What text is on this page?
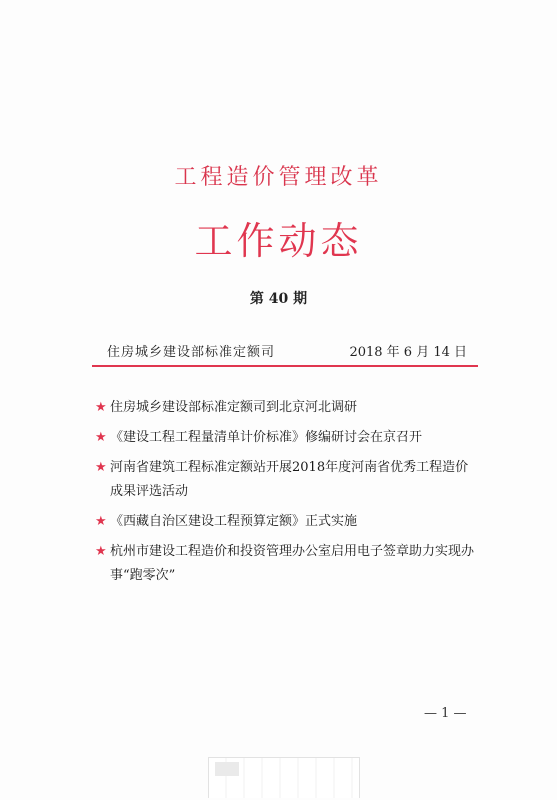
工程造价管理改革
工作动态
第 40 期
住房城乡建设部标准定额司	2018 年 6 月 14 日
★ 住房城乡建设部标准定额司到北京河北调研
★ 《建设工程工程量清单计价标准》修编研讨会在京召开
★ 河南省建筑工程标准定额站开展2018年度河南省优秀工程造价成果评选活动
★ 《西藏自治区建设工程预算定额》正式实施
★ 杭州市建设工程造价和投资管理办公室启用电子签章助力实现办事“跑零次”
— 1 —
